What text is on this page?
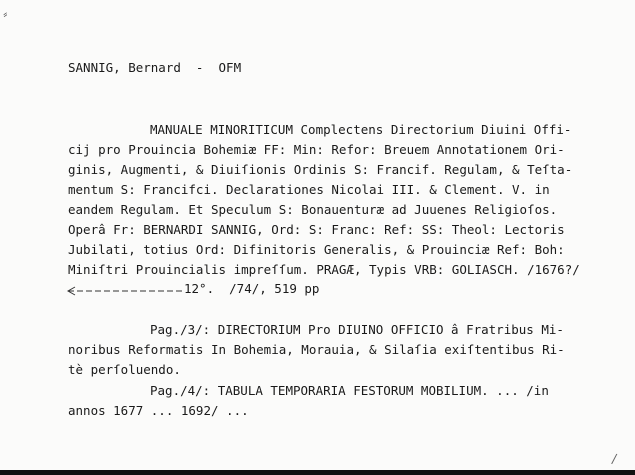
⸗
SANNIG, Bernard  -  OFM
MANUALE MINORITICUM Complectens Directorium Diuini Offi-
cij pro Prouincia Bohemiæ FF: Min: Refor: Breuem Annotationem Ori-
ginis, Augmenti, & Diuiſionis Ordinis S: Francif. Regulam, & Teſta-
mentum S: Francifci. Declarationes Nicolai III. & Clement. V. in
eandem Regulam. Et Speculum S: Bonauenturæ ad Juuenes Religioſos.
Operâ Fr: BERNARDI SANNIG, Ord: S: Franc: Ref: SS: Theol: Lectoris
Jubilati, totius Ord: Difinitoris Generalis, & Prouinciæ Ref: Boh:
Miniſtri Prouincialis impreſſum. PRAGÆ, Typis VRB: GOLIASCH. /1676?/
12°.  /74/, 519 pp
Pag./3/: DIRECTORIUM Pro DIUINO OFFICIO â Fratribus Mi-
noribus Reformatis In Bohemia, Morauia, & Silaſia exiſtentibus Ri-
tè perſoluendo.
Pag./4/: TABULA TEMPORARIA FESTORUM MOBILIUM. ... /in
annos 1677 ... 1692/ ...
/
